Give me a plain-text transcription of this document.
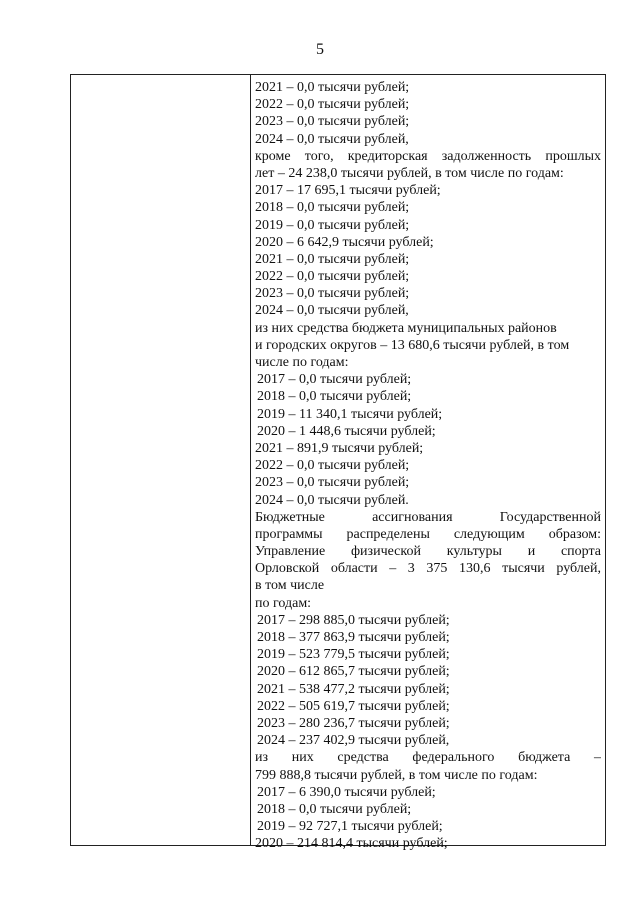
5
2021 – 0,0 тысячи рублей;
2022 – 0,0 тысячи рублей;
2023 – 0,0 тысячи рублей;
2024 – 0,0 тысячи рублей,
кроме того, кредиторская задолженность прошлых
лет – 24 238,0 тысячи рублей, в том числе по годам:
2017 – 17 695,1 тысячи рублей;
2018 – 0,0 тысячи рублей;
2019 – 0,0 тысячи рублей;
2020 – 6 642,9 тысячи рублей;
2021 – 0,0 тысячи рублей;
2022 – 0,0 тысячи рублей;
2023 – 0,0 тысячи рублей;
2024 – 0,0 тысячи рублей,
из них средства бюджета муниципальных районов
и городских округов – 13 680,6 тысячи рублей, в том
числе по годам:
2017 – 0,0 тысячи рублей;
2018 – 0,0 тысячи рублей;
2019 – 11 340,1 тысячи рублей;
2020 – 1 448,6 тысячи рублей;
2021 – 891,9 тысячи рублей;
2022 – 0,0 тысячи рублей;
2023 – 0,0 тысячи рублей;
2024 – 0,0 тысячи рублей.
Бюджетные ассигнования Государственной
программы распределены следующим образом:
Управление физической культуры и спорта
Орловской области – 3 375 130,6 тысячи рублей,
в том числе
по годам:
2017 – 298 885,0 тысячи рублей;
2018 – 377 863,9 тысячи рублей;
2019 – 523 779,5 тысячи рублей;
2020 – 612 865,7 тысячи рублей;
2021 – 538 477,2 тысячи рублей;
2022 – 505 619,7 тысячи рублей;
2023 – 280 236,7 тысячи рублей;
2024 – 237 402,9 тысячи рублей,
из них средства федерального бюджета –
799 888,8 тысячи рублей, в том числе по годам:
2017 – 6 390,0 тысячи рублей;
2018 – 0,0 тысячи рублей;
2019 – 92 727,1 тысячи рублей;
2020 – 214 814,4 тысячи рублей;
